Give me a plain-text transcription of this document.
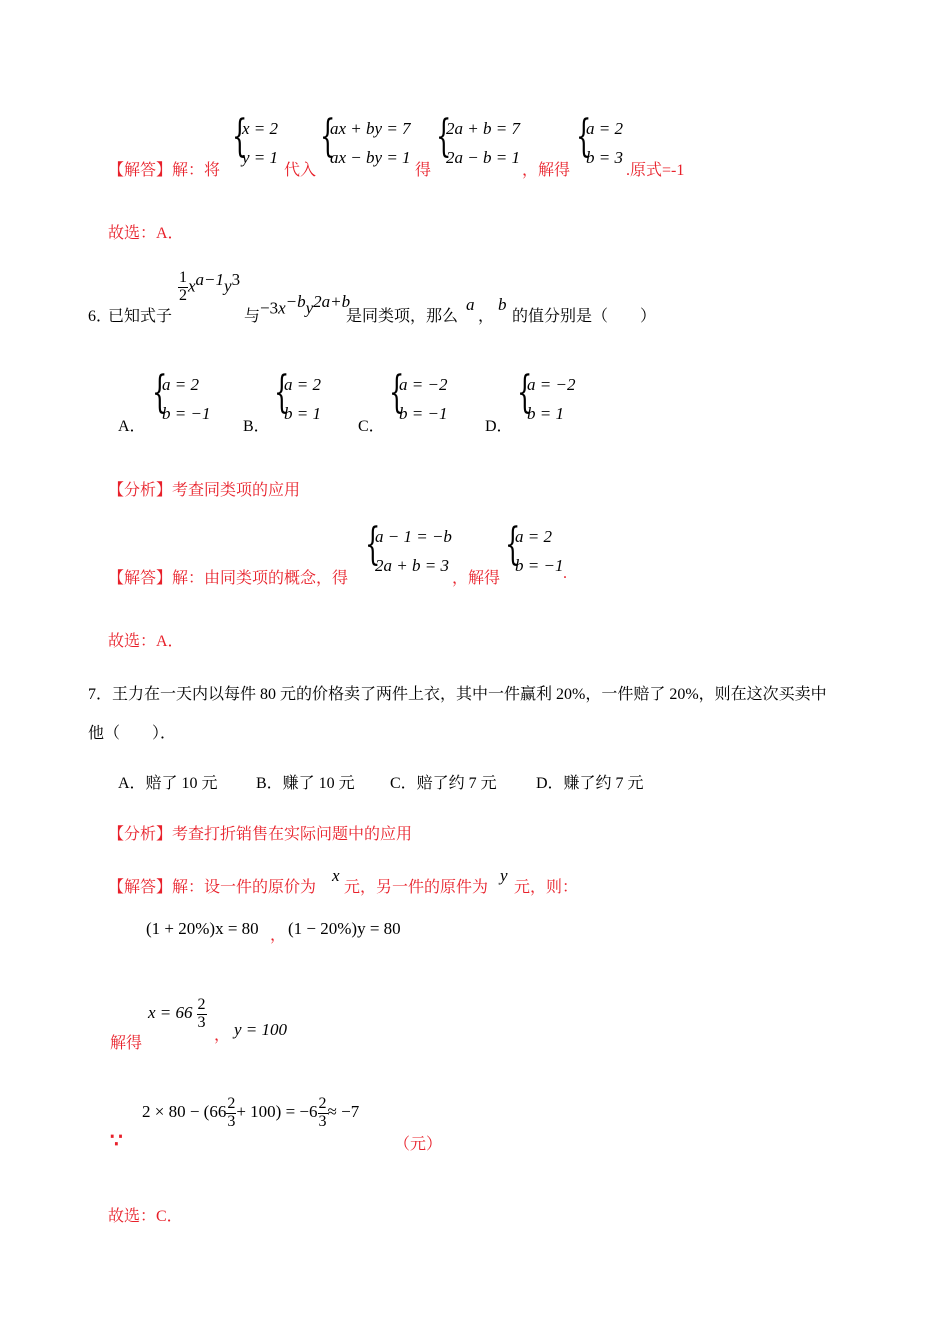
【解答】解：将
{
x = 2
y = 1
代入
{
ax + by = 7
ax − by = 1
得
{
2a + b = 7
2a − b = 1
，解得
{
a = 2
b = 3
.原式=-1
故选：A．
6．
已知式子
$\frac{1}{2} x^{a-1}y^3$
与 $-3x^{-b}y^{2a+b}$
是同类项，那么
a
，
b
的值分别是（　　）
A．
{
a = 2
b = −1
B．
{
a = 2
b = 1
C．
{
a = −2
b = −1
D．
{
a = −2
b = 1
【分析】考查同类项的应用
【解答】解：由同类项的概念，得
{
a − 1 = −b
2a + b = 3
，解得
{
a = 2
b = −1 .
故选：A．
7．王力在一天内以每件 80 元的价格卖了两件上衣，其中一件赢利 20%，一件赔了 20%，则在这次买卖中
他（　　）．
A．赔了 10 元 B．赚了 10 元 C．赔了约 7 元 D．赚了约 7 元
【分析】考查打折销售在实际问题中的应用
【解答】解：设一件的原价为
x
元，另一件的原件为
y
元，则：
(1 + 20%)x = 80 ， (1 − 20%)y = 80
解得
$x = 66 \frac{2}{3}$
， y = 100
∵
$2 \times 80 - (66 \frac{2}{3} + 100) = -6 \frac{2}{3} \approx -7$
（元）
故选：C．
